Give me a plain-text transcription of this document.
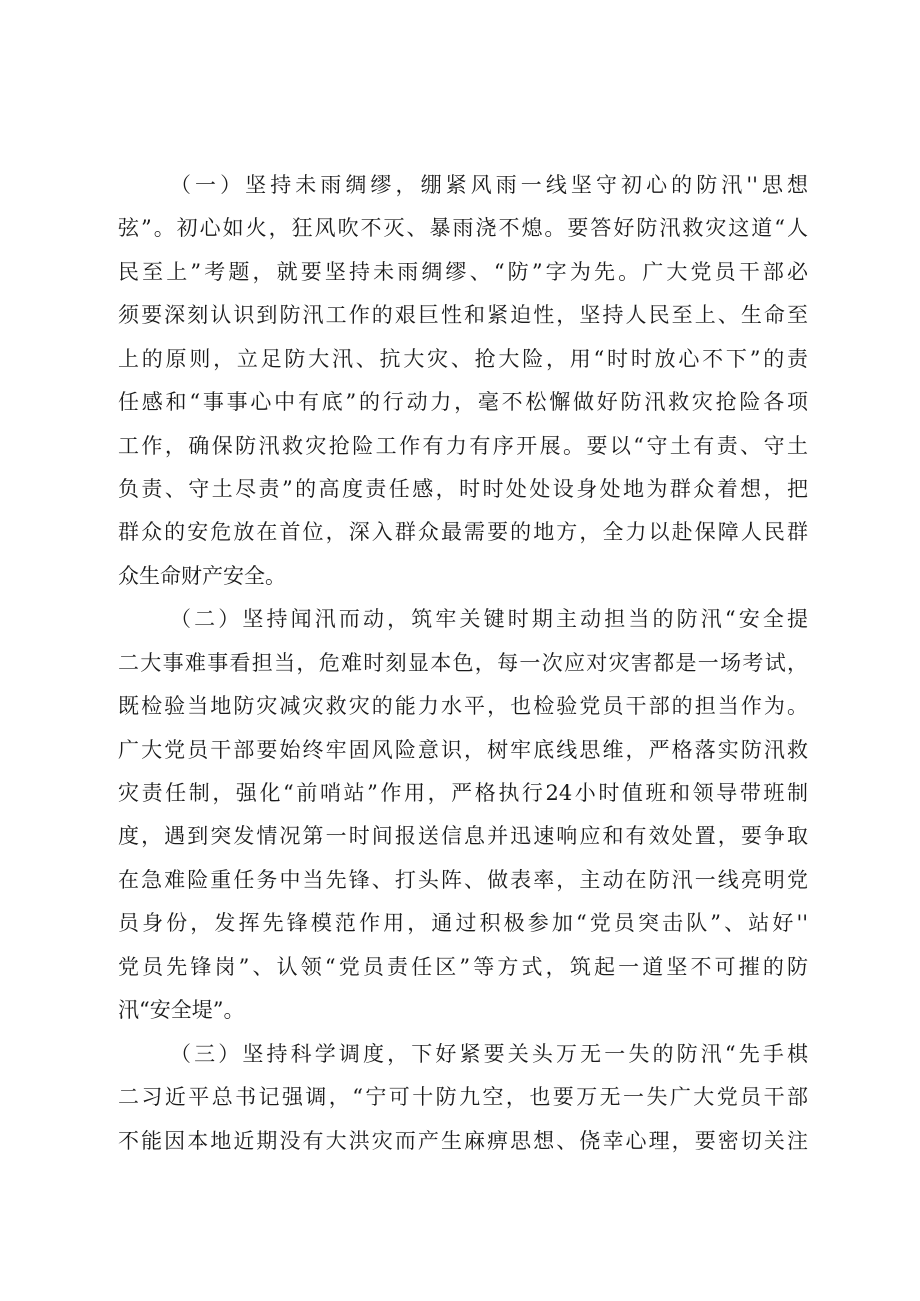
（一）坚持未雨绸缪，绷紧风雨一线坚守初心的防汛''思想
弦”。初心如火，狂风吹不灭、暴雨浇不熄。要答好防汛救灾这道“人
民至上”考题，就要坚持未雨绸缪、“防”字为先。广大党员干部必
须要深刻认识到防汛工作的艰巨性和紧迫性，坚持人民至上、生命至
上的原则，立足防大汛、抗大灾、抢大险，用“时时放心不下”的责
任感和“事事心中有底”的行动力，毫不松懈做好防汛救灾抢险各项
工作，确保防汛救灾抢险工作有力有序开展。要以“守土有责、守土
负责、守土尽责”的高度责任感，时时处处设身处地为群众着想，把
群众的安危放在首位，深入群众最需要的地方，全力以赴保障人民群
众生命财产安全。
（二）坚持闻汛而动，筑牢关键时期主动担当的防汛“安全提
二大事难事看担当，危难时刻显本色，每一次应对灾害都是一场考试，
既检验当地防灾减灾救灾的能力水平，也检验党员干部的担当作为。
广大党员干部要始终牢固风险意识，树牢底线思维，严格落实防汛救
灾责任制，强化“前哨站”作用，严格执行24小时值班和领导带班制
度，遇到突发情况第一时间报送信息并迅速响应和有效处置，要争取
在急难险重任务中当先锋、打头阵、做表率，主动在防汛一线亮明党
员身份，发挥先锋模范作用，通过积极参加“党员突击队”、站好''
党员先锋岗”、认领“党员责任区”等方式，筑起一道坚不可摧的防
汛“安全堤”。
（三）坚持科学调度，下好紧要关头万无一失的防汛“先手棋
二习近平总书记强调，“宁可十防九空，也要万无一失广大党员干部
不能因本地近期没有大洪灾而产生麻痹思想、侥幸心理，要密切关注
